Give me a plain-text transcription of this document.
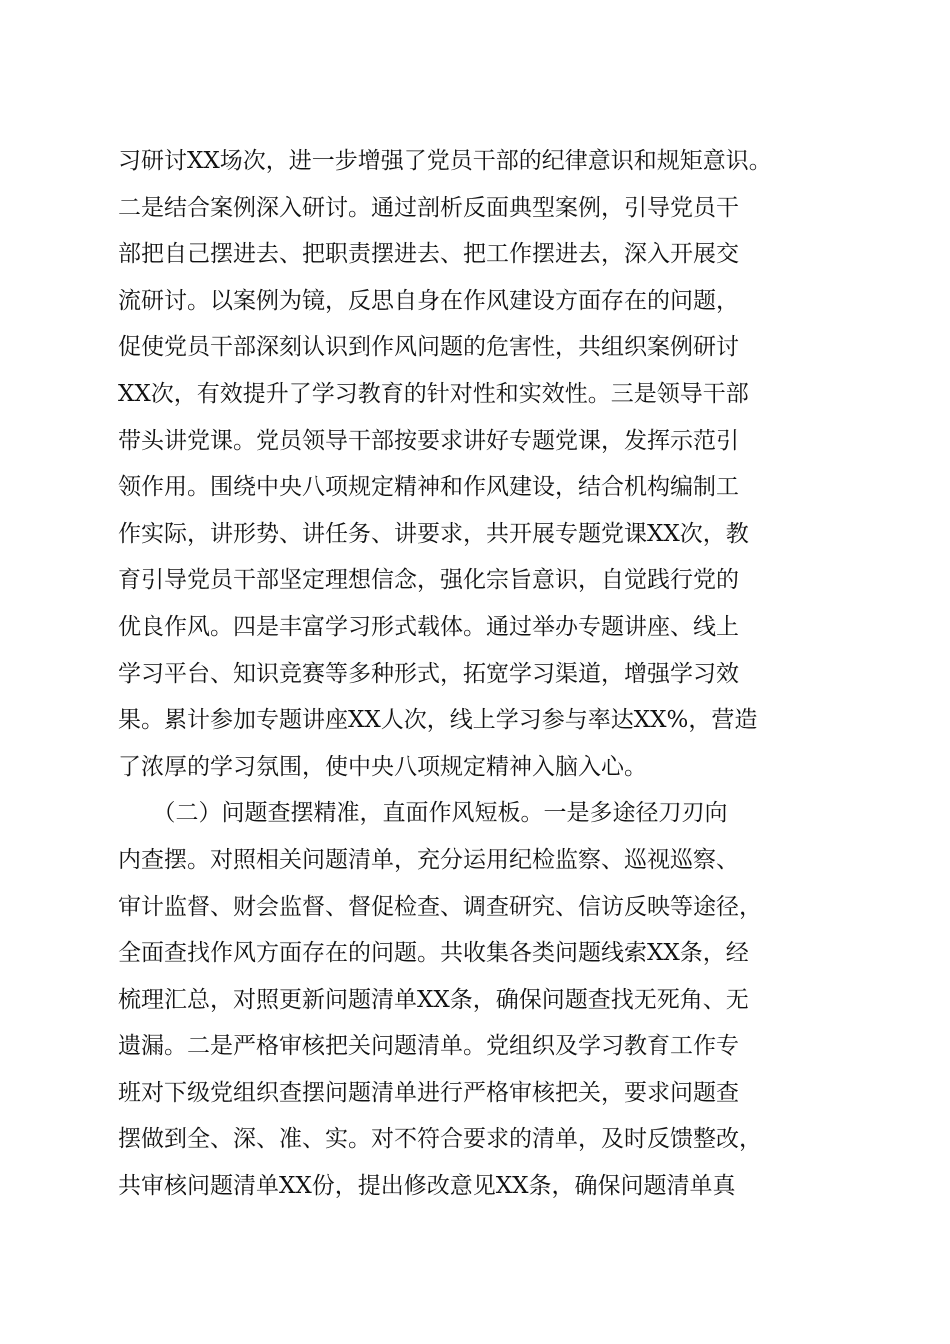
习研讨XX场次，进一步增强了党员干部的纪律意识和规矩意识。
二是结合案例深入研讨。通过剖析反面典型案例，引导党员干
部把自己摆进去、把职责摆进去、把工作摆进去，深入开展交
流研讨。以案例为镜，反思自身在作风建设方面存在的问题，
促使党员干部深刻认识到作风问题的危害性，共组织案例研讨
XX次，有效提升了学习教育的针对性和实效性。三是领导干部
带头讲党课。党员领导干部按要求讲好专题党课，发挥示范引
领作用。围绕中央八项规定精神和作风建设，结合机构编制工
作实际，讲形势、讲任务、讲要求，共开展专题党课XX次，教
育引导党员干部坚定理想信念，强化宗旨意识，自觉践行党的
优良作风。四是丰富学习形式载体。通过举办专题讲座、线上
学习平台、知识竞赛等多种形式，拓宽学习渠道，增强学习效
果。累计参加专题讲座XX人次，线上学习参与率达XX%，营造
了浓厚的学习氛围，使中央八项规定精神入脑入心。
　　（二）问题查摆精准，直面作风短板。一是多途径刀刃向
内查摆。对照相关问题清单，充分运用纪检监察、巡视巡察、
审计监督、财会监督、督促检查、调查研究、信访反映等途径，
全面查找作风方面存在的问题。共收集各类问题线索XX条，经
梳理汇总，对照更新问题清单XX条，确保问题查找无死角、无
遗漏。二是严格审核把关问题清单。党组织及学习教育工作专
班对下级党组织查摆问题清单进行严格审核把关，要求问题查
摆做到全、深、准、实。对不符合要求的清单，及时反馈整改，
共审核问题清单XX份，提出修改意见XX条，确保问题清单真
